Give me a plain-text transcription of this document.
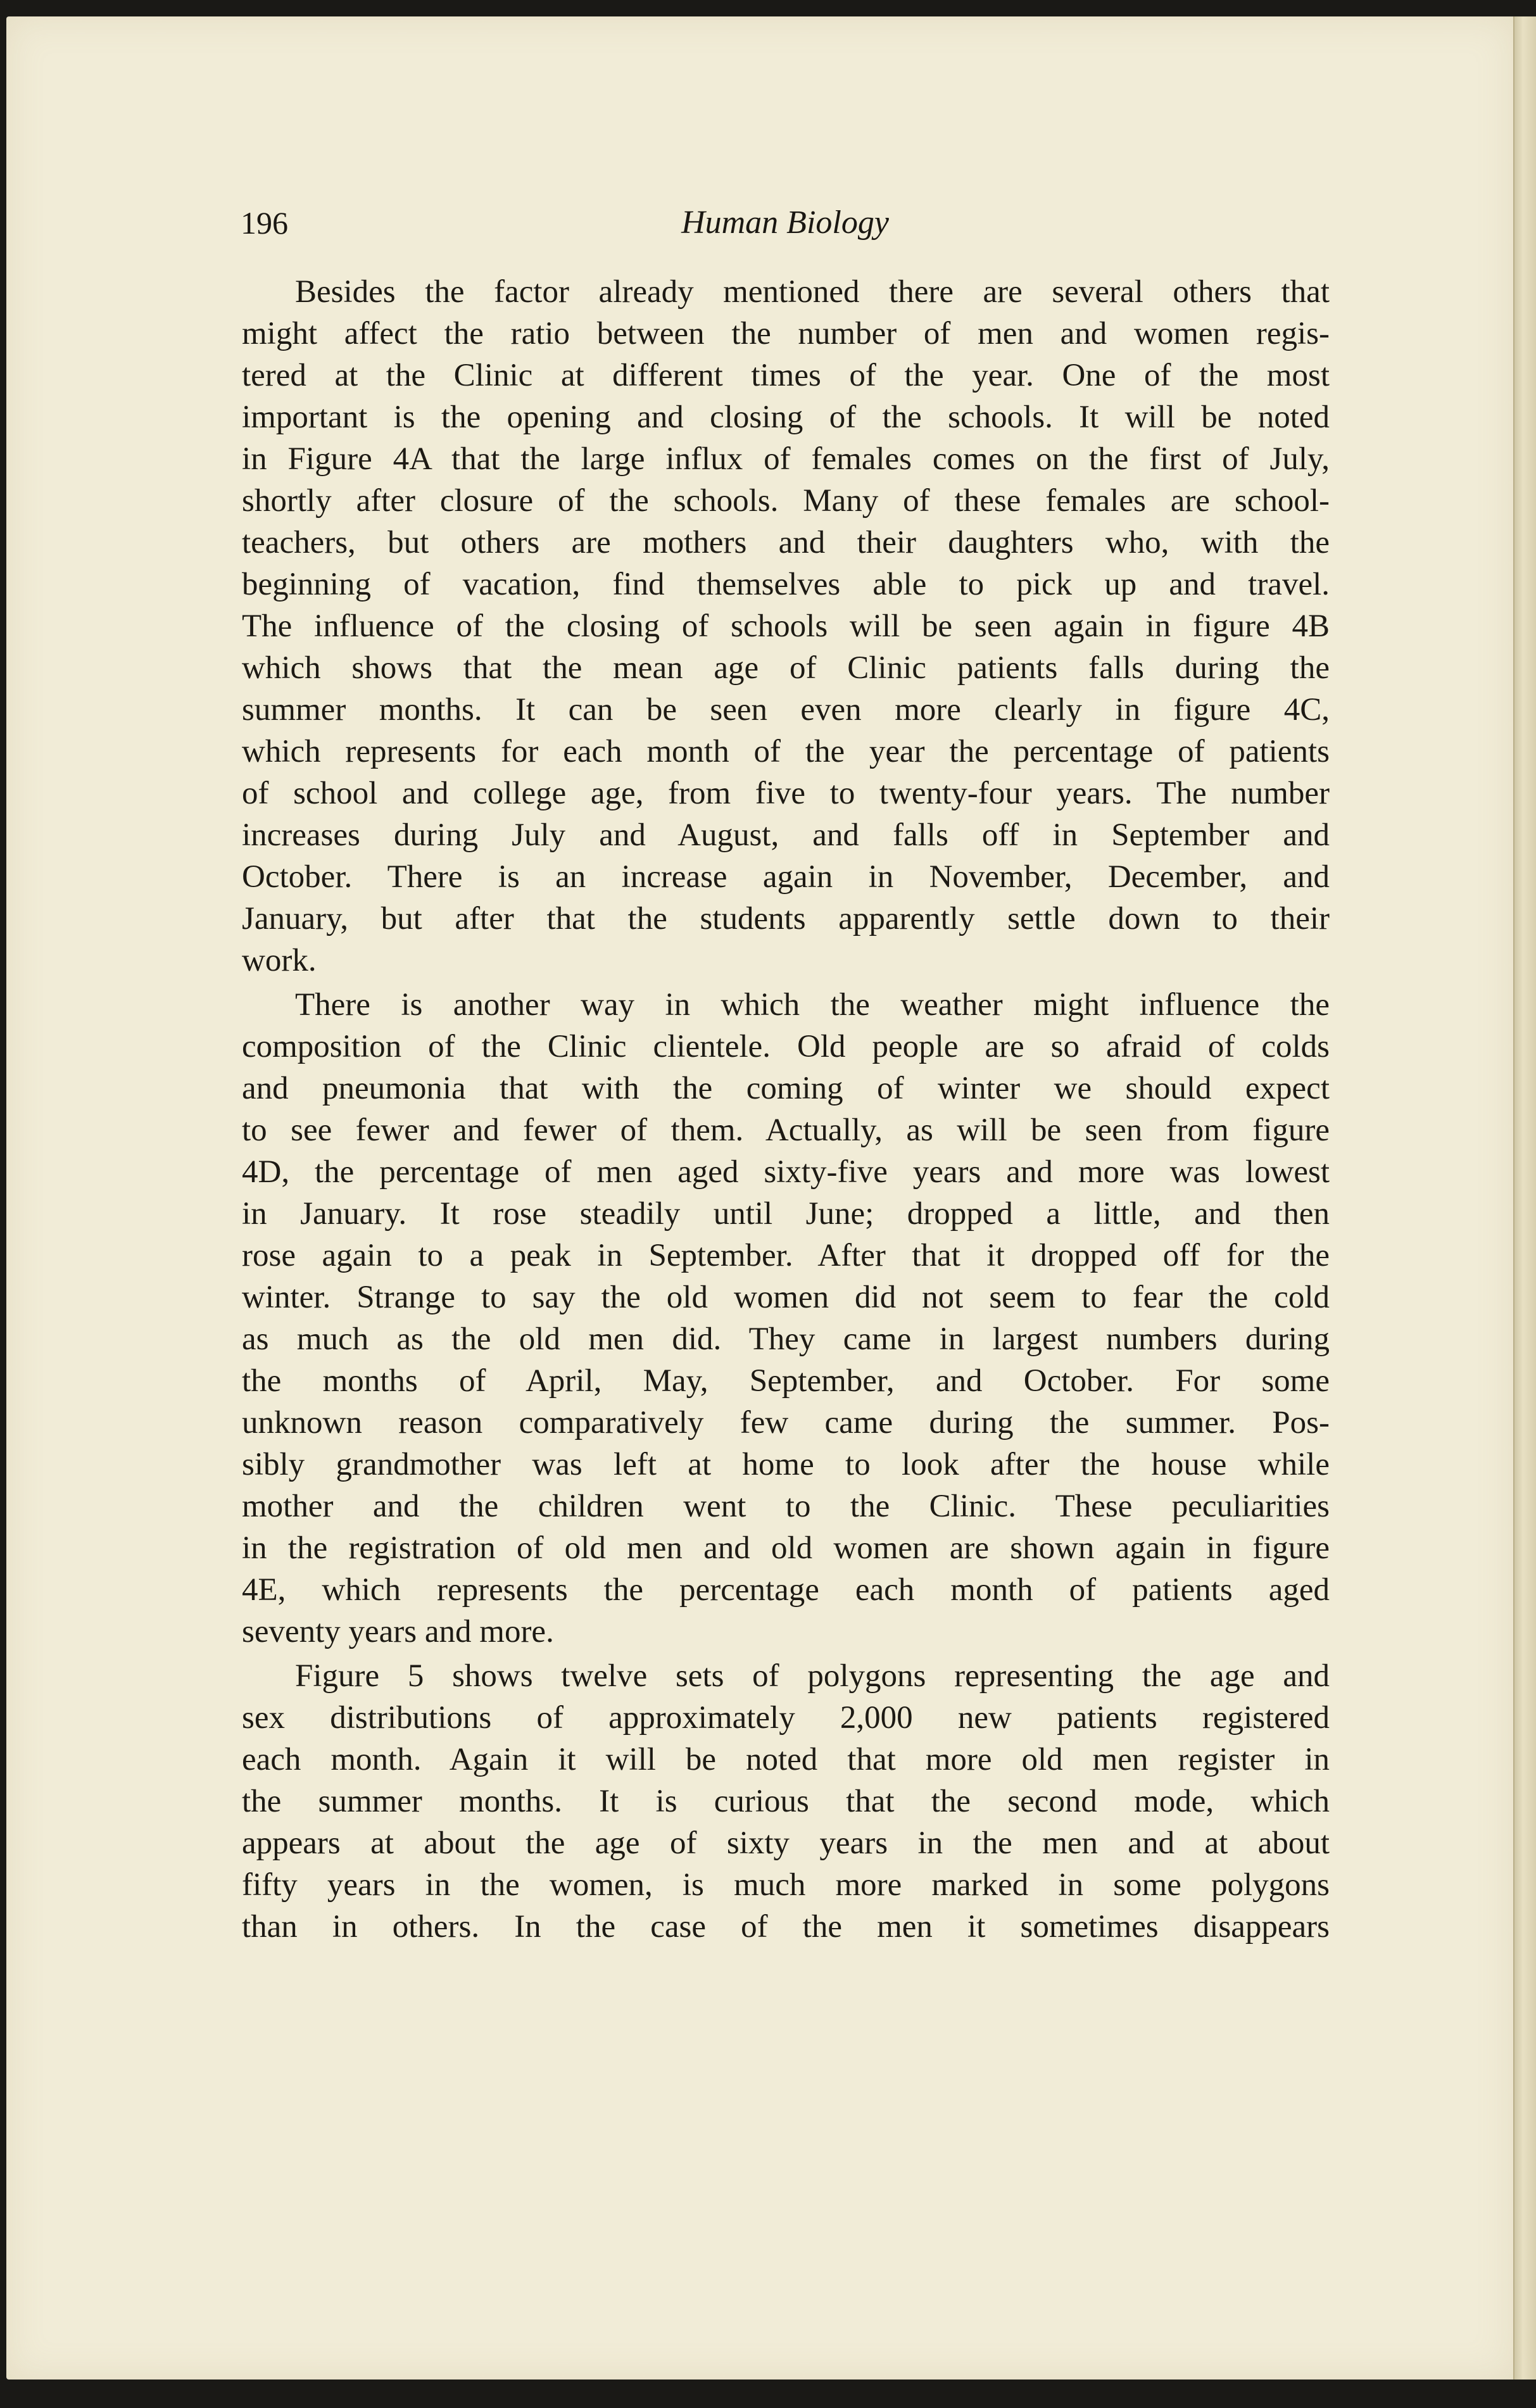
196	Human Biology
Besides the factor already mentioned there are several others that
might affect the ratio between the number of men and women regis-
tered at the Clinic at different times of the year. One of the most
important is the opening and closing of the schools. It will be noted
in Figure 4A that the large influx of females comes on the first of July,
shortly after closure of the schools. Many of these females are school-
teachers, but others are mothers and their daughters who, with the
beginning of vacation, find themselves able to pick up and travel.
The influence of the closing of schools will be seen again in figure 4B
which shows that the mean age of Clinic patients falls during the
summer months. It can be seen even more clearly in figure 4C,
which represents for each month of the year the percentage of patients
of school and college age, from five to twenty-four years. The number
increases during July and August, and falls off in September and
October. There is an increase again in November, December, and
January, but after that the students apparently settle down to their
work.
There is another way in which the weather might influence the
composition of the Clinic clientele. Old people are so afraid of colds
and pneumonia that with the coming of winter we should expect
to see fewer and fewer of them. Actually, as will be seen from figure
4D, the percentage of men aged sixty-five years and more was lowest
in January. It rose steadily until June; dropped a little, and then
rose again to a peak in September. After that it dropped off for the
winter. Strange to say the old women did not seem to fear the cold
as much as the old men did. They came in largest numbers during
the months of April, May, September, and October. For some
unknown reason comparatively few came during the summer. Pos-
sibly grandmother was left at home to look after the house while
mother and the children went to the Clinic. These peculiarities
in the registration of old men and old women are shown again in figure
4E, which represents the percentage each month of patients aged
seventy years and more.
Figure 5 shows twelve sets of polygons representing the age and
sex distributions of approximately 2,000 new patients registered
each month. Again it will be noted that more old men register in
the summer months. It is curious that the second mode, which
appears at about the age of sixty years in the men and at about
fifty years in the women, is much more marked in some polygons
than in others. In the case of the men it sometimes disappears
